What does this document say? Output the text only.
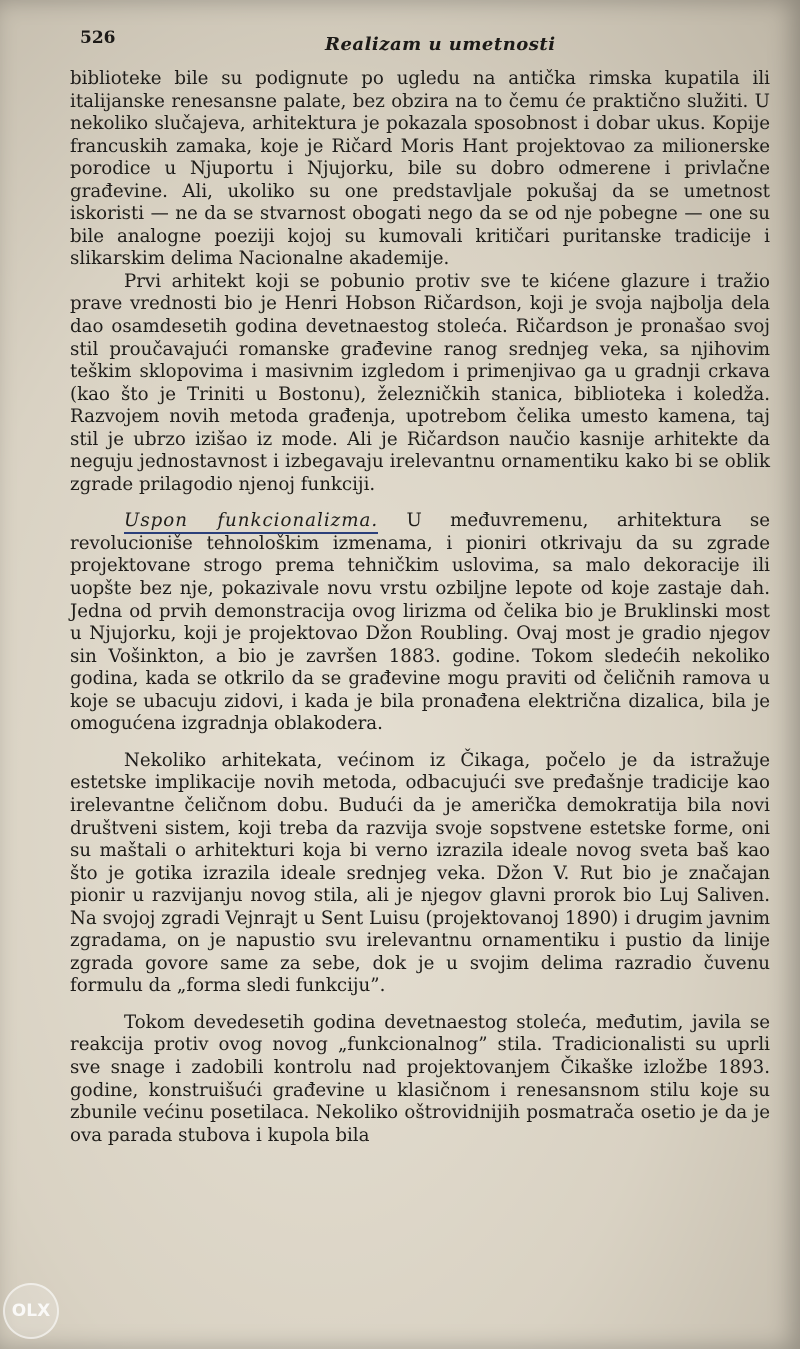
526	Realizam u umetnosti

biblioteke bile su podignute po ugledu na antička rimska kupatila ili italijanske renesansne palate, bez obzira na to čemu će praktično služiti. U nekoliko slučajeva, arhitektura je pokazala sposobnost i dobar ukus. Kopije francuskih zamaka, koje je Ričard Moris Hant projektovao za milionerske porodice u Njuportu i Njujorku, bile su dobro odmerene i privlačne građevine. Ali, ukoliko su one predstavljale pokušaj da se umetnost iskoristi — ne da se stvarnost obogati nego da se od nje pobegne — one su bile analogne poeziji kojoj su kumovali kritičari puritanske tradicije i slikarskim delima Nacionalne akademije.

Prvi arhitekt koji se pobunio protiv sve te kićene glazure i tražio prave vrednosti bio je Henri Hobson Ričardson, koji je svoja najbolja dela dao osamdesetih godina devetnaestog stoleća. Ričardson je pronašao svoj stil proučavajući romanske građevine ranog srednjeg veka, sa njihovim teškim sklopovima i masivnim izgledom i primenjivao ga u gradnji crkava (kao što je Triniti u Bostonu), železničkih stanica, biblioteka i koledža. Razvojem novih metoda građenja, upotrebom čelika umesto kamena, taj stil je ubrzo izišao iz mode. Ali je Ričardson naučio kasnije arhitekte da neguju jednostavnost i izbegavaju irelevantnu ornamentiku kako bi se oblik zgrade prilagodio njenoj funkciji.

Uspon funkcionalizma. U međuvremenu, arhitektura se revolucioniše tehnološkim izmenama, i pioniri otkrivaju da su zgrade projektovane strogo prema tehničkim uslovima, sa malo dekoracije ili uopšte bez nje, pokazivale novu vrstu ozbiljne lepote od koje zastaje dah. Jedna od prvih demonstracija ovog lirizma od čelika bio je Bruklinski most u Njujorku, koji je projektovao Džon Roubling. Ovaj most je gradio njegov sin Vošinkton, a bio je završen 1883. godine. Tokom sledećih nekoliko godina, kada se otkrilo da se građevine mogu praviti od čeličnih ramova u koje se ubacuju zidovi, i kada je bila pronađena električna dizalica, bila je omogućena izgradnja oblakodera.

Nekoliko arhitekata, većinom iz Čikaga, počelo je da istražuje estetske implikacije novih metoda, odbacujući sve pređašnje tradicije kao irelevantne čeličnom dobu. Budući da je američka demokratija bila novi društveni sistem, koji treba da razvija svoje sopstvene estetske forme, oni su maštali o arhitekturi koja bi verno izrazila ideale novog sveta baš kao što je gotika izrazila ideale srednjeg veka. Džon V. Rut bio je značajan pionir u razvijanju novog stila, ali je njegov glavni prorok bio Luj Saliven. Na svojoj zgradi Vejnrajt u Sent Luisu (projektovanoj 1890) i drugim javnim zgradama, on je napustio svu irelevantnu ornamentiku i pustio da linije zgrada govore same za sebe, dok je u svojim delima razradio čuvenu formulu da „forma sledi funkciju”.

Tokom devedesetih godina devetnaestog stoleća, međutim, javila se reakcija protiv ovog novog „funkcionalnog” stila. Tradicionalisti su uprli sve snage i zadobili kontrolu nad projektovanjem Čikaške izložbe 1893. godine, konstruišući građevine u klasičnom i renesansnom stilu koje su zbunile većinu posetilaca. Nekoliko oštrovidnijih posmatrača osetio je da je ova parada stubova i kupola bila

OLX
